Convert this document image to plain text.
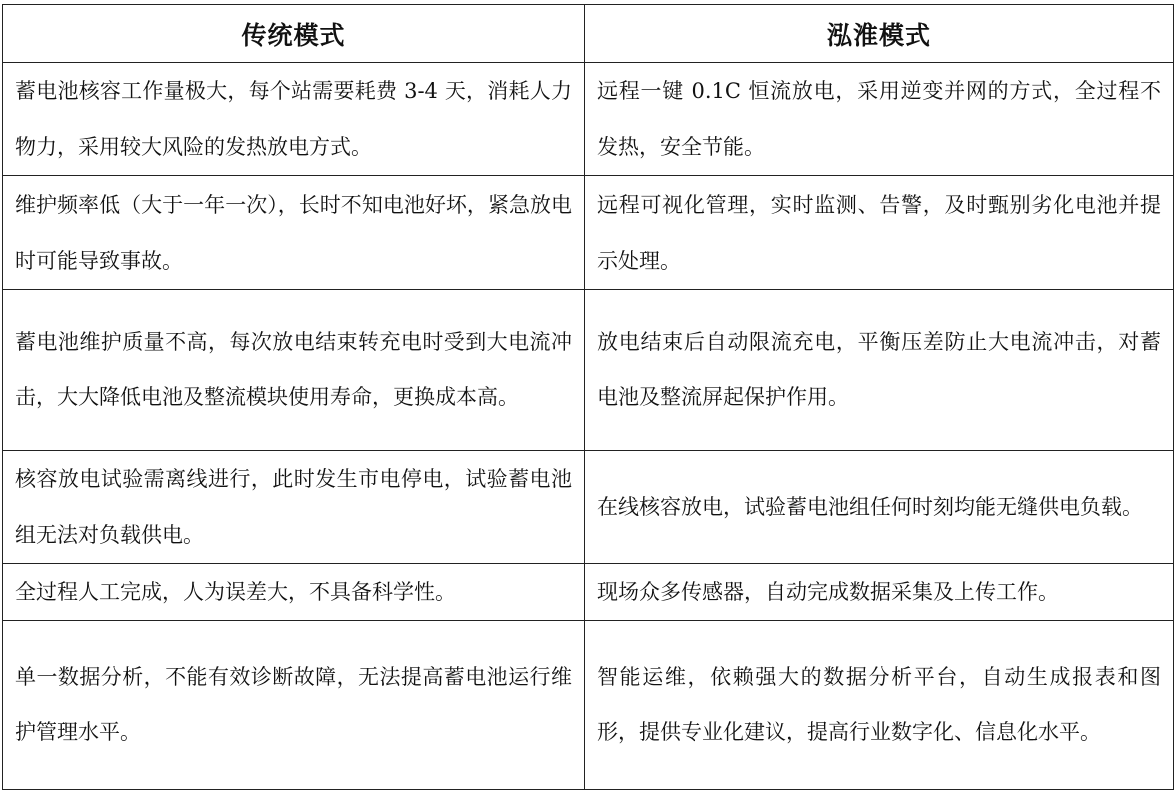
传统模式	泓淮模式
蓄电池核容工作量极大，每个站需要耗费 3-4 天，消耗人力物力，采用较大风险的发热放电方式。	远程一键 0.1C 恒流放电，采用逆变并网的方式，全过程不发热，安全节能。
维护频率低（大于一年一次），长时不知电池好坏，紧急放电时可能导致事故。	远程可视化管理，实时监测、告警，及时甄别劣化电池并提示处理。
蓄电池维护质量不高，每次放电结束转充电时受到大电流冲击，大大降低电池及整流模块使用寿命，更换成本高。	放电结束后自动限流充电，平衡压差防止大电流冲击，对蓄电池及整流屏起保护作用。
核容放电试验需离线进行，此时发生市电停电，试验蓄电池组无法对负载供电。	在线核容放电，试验蓄电池组任何时刻均能无缝供电负载。
全过程人工完成，人为误差大，不具备科学性。	现场众多传感器，自动完成数据采集及上传工作。
单一数据分析，不能有效诊断故障，无法提高蓄电池运行维护管理水平。	智能运维，依赖强大的数据分析平台，自动生成报表和图形，提供专业化建议，提高行业数字化、信息化水平。
